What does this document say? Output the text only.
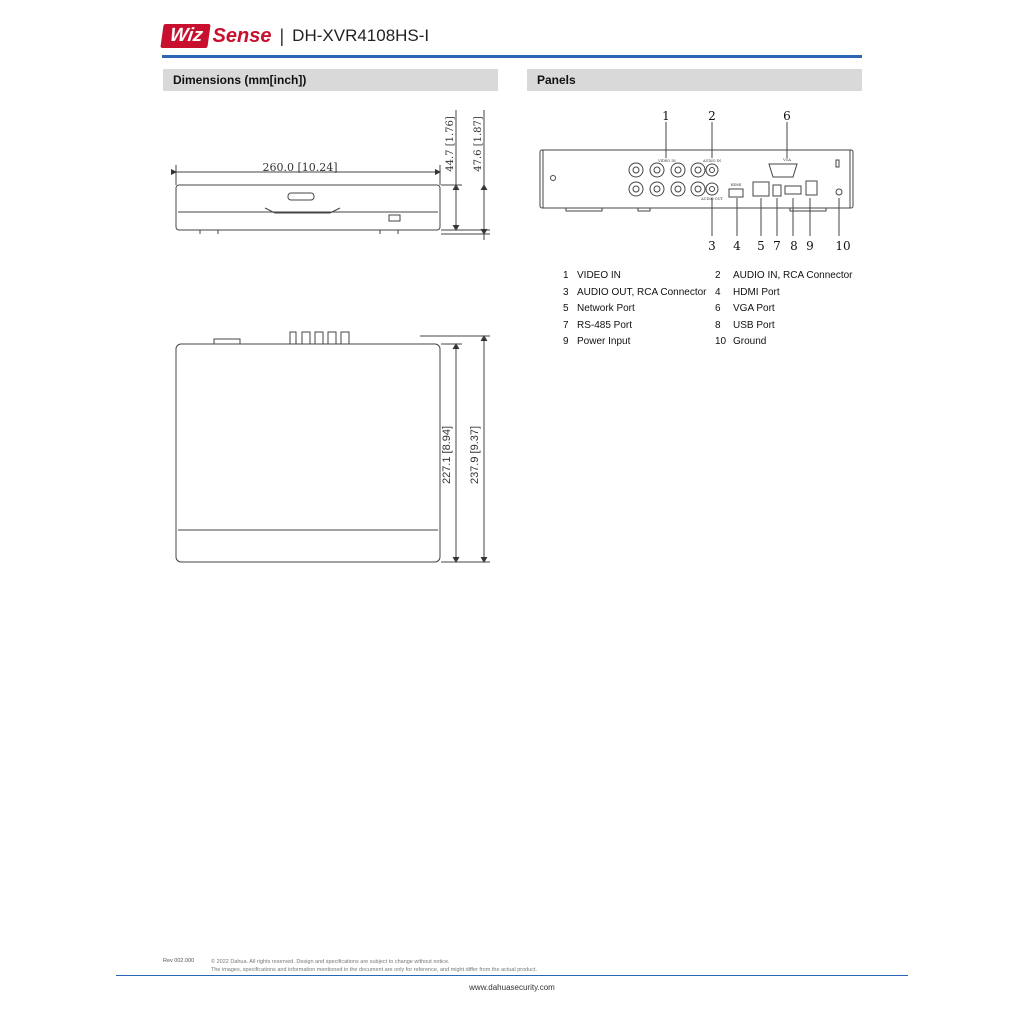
Wiz Sense | DH-XVR4108HS-I
Dimensions (mm[inch])	Panels
260.0 [10.24]	44.7 [1.76] 47.6 [1.87]
227.1 [8.94] 237.9 [9.37]
VIDEO IN	AUDIO IN
AUDIO OUT
VGA
HDMI
1	2	6
3 4 5 7 8 9 10
1 VIDEO IN	2	AUDIO IN, RCA Connector
3 AUDIO OUT, RCA Connector 4	HDMI Port
5 Network Port	6	VGA Port
7 RS-485 Port	8	USB Port
9 Power Input	10 Ground
Rev 002.000	© 2022 Dahua. All rights reserved. Design and specifications are subject to change without notice.
The images, specifications and information mentioned in the document are only for reference, and might differ from the actual product.
www.dahuasecurity.com
